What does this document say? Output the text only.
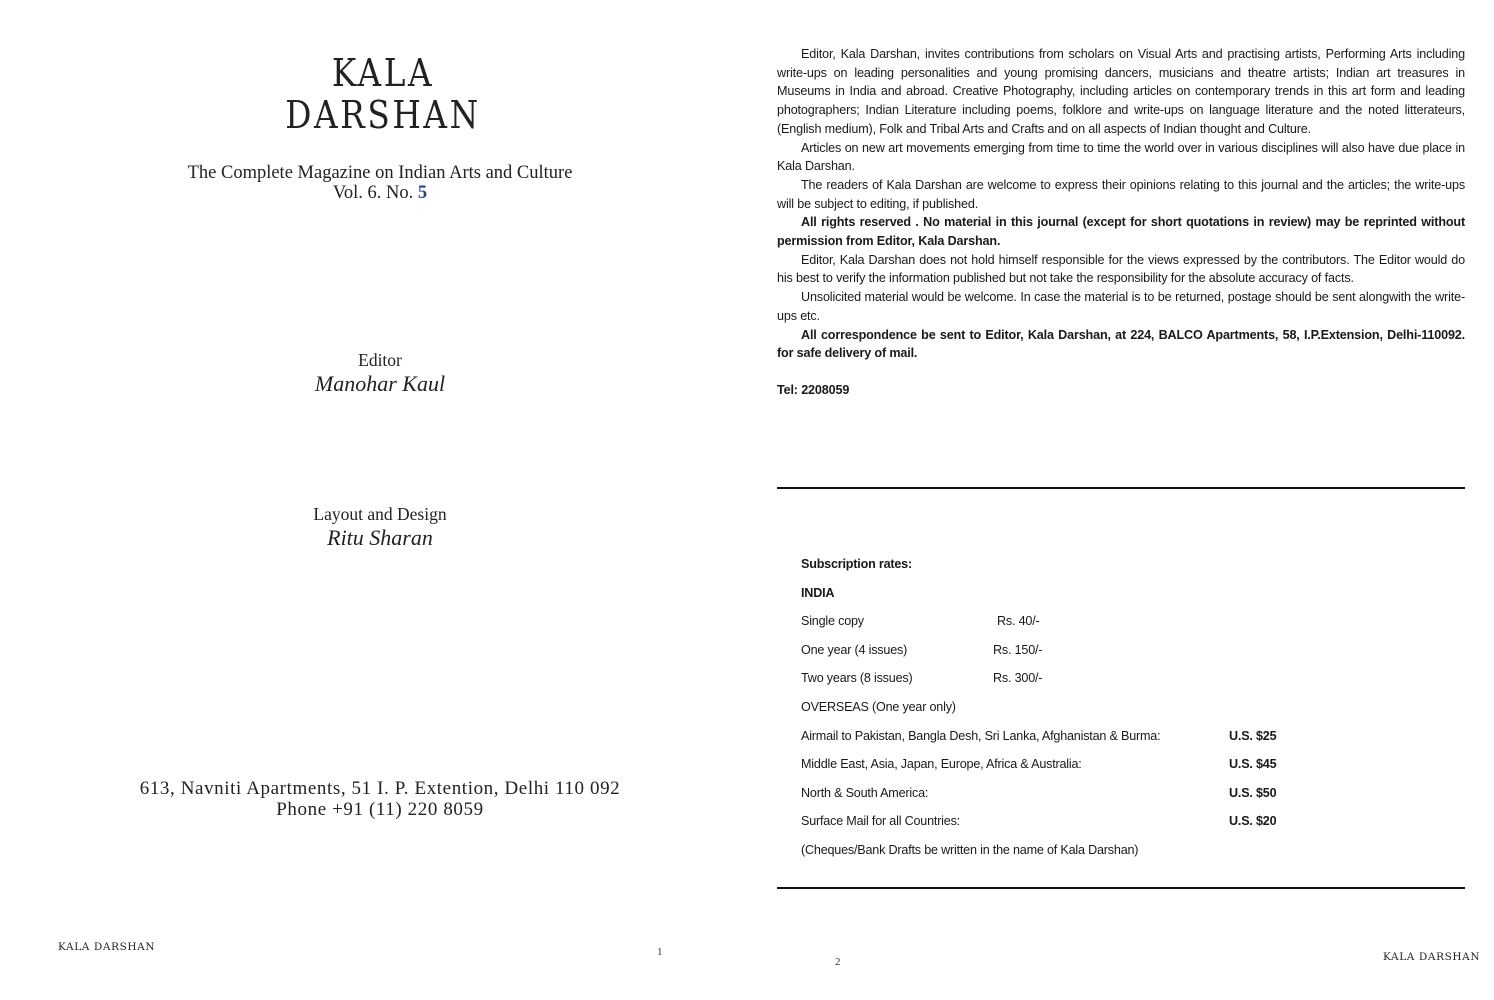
KALA
DARSHAN
The Complete Magazine on Indian Arts and Culture
Vol. 6. No. 5
Editor
Manohar Kaul
Layout and Design
Ritu Sharan
613, Navniti Apartments, 51 I. P. Extention, Delhi 110 092 Phone +91 (11) 220 8059
KALA DARSHAN	1

Editor, Kala Darshan, invites contributions from scholars on Visual Arts and practising artists, Performing Arts including write-ups on leading personalities and young promising dancers, musicians and theatre artists; Indian art treasures in Museums in India and abroad. Creative Photography, including articles on contemporary trends in this art form and leading photographers; Indian Literature including poems, folklore and write-ups on language literature and the noted litterateurs, (English medium), Folk and Tribal Arts and Crafts and on all aspects of Indian thought and Culture.

Articles on new art movements emerging from time to time the world over in various disciplines will also have due place in Kala Darshan.

The readers of Kala Darshan are welcome to express their opinions relating to this journal and the articles; the write-ups will be subject to editing, if published.

All rights reserved . No material in this journal (except for short quotations in review) may be reprinted without permission from Editor, Kala Darshan.

Editor, Kala Darshan does not hold himself responsible for the views expressed by the contributors. The Editor would do his best to verify the information published but not take the responsibility for the absolute accuracy of facts.

Unsolicited material would be welcome. In case the material is to be returned, postage should be sent alongwith the write-ups etc.

All correspondence be sent to Editor, Kala Darshan, at 224, BALCO Apartments, 58, I.P.Extension, Delhi-110092. for safe delivery of mail.

Tel: 2208059

Subscription rates:
INDIA
Single copy	Rs. 40/-
One year (4 issues)	Rs. 150/-
Two years (8 issues)	Rs. 300/-
OVERSEAS (One year only)
Airmail to Pakistan, Bangla Desh, Sri Lanka, Afghanistan & Burma:	U.S. $25
Middle East, Asia, Japan, Europe, Africa & Australia:	U.S. $45
North & South America:	U.S. $50
Surface Mail for all Countries:	U.S. $20
(Cheques/Bank Drafts be written in the name of Kala Darshan)
2	KALA DARSHAN
